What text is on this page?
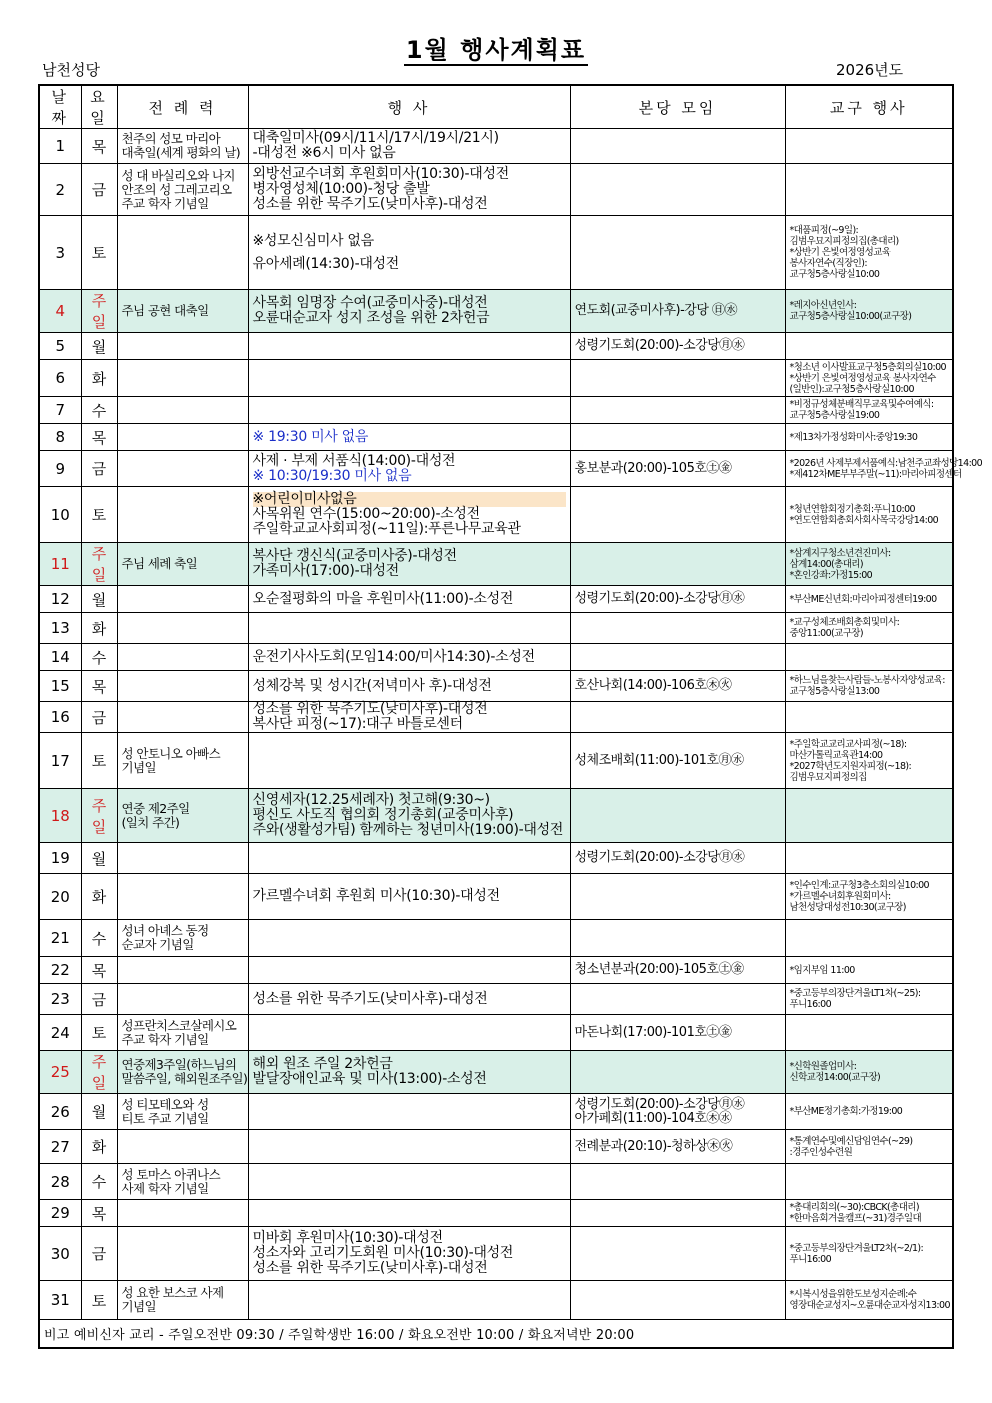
1월 행사계획표
남천성당	2026년도
날짜	요일	전 례 력	행 사	본당 모임	교구 행사
1	목	천주의 성모 마리아
대축일(세계 평화의 날)	대축일미사(09시/11시/17시/19시/21시)
-대성전 ※6시 미사 없음		

2	금	성 대 바실리오와 나지
안조의 성 그레고리오
주교 학자 기념일	외방선교수녀회 후원회미사(10:30)-대성전
병자영성체(10:00)-청당 출발
성소를 위한 묵주기도(낮미사후)-대성전		

3	토		※성모신심미사 없음
유아세례(14:30)-대성전		*대품피정(~9일):
김범우묘지피정의집(총대리)
*상반기 은빛여정영성교육
봉사자연수(직장인):
교구청5층사랑실10:00

4	주일	주님 공현 대축일	사목회 임명장 수여(교중미사중)-대성전
오륜대순교자 성지 조성을 위한 2차헌금	연도회(교중미사후)-강당 ㊐㊌	*레지아신년인사:
교구청5층사랑실10:00(교구장)

5	월			성령기도회(20:00)-소강당㊊㊌	

6	화				*청소년 이사발표교구청5층회의실10:00
*상반기 은빛여정영성교육 봉사자연수
(일반인):교구청5층사랑실10:00

7	수				*비정규성체분배직무교육및수여예식:
교구청5층사랑실19:00

8	목		※ 19:30 미사 없음		*제13차가정성화미사:중앙19:30

9	금		사제 · 부제 서품식(14:00)-대성전
※ 10:30/19:30 미사 없음	홍보분과(20:00)-105호㊏㊎	*2026년 사제부제서품예식:남천주교좌성당14:00
*제412차ME부부주말(~11):마리아피정센터

10	토		※어린이미사없음
사목위원 연수(15:00~20:00)-소성전
주일학교교사회피정(~11일):푸른나무교육관		*청년연합회정기총회:푸니10:00
*연도연합회총회사회사목국강당14:00

11	주일	주님 세례 축일	복사단 갱신식(교중미사중)-대성전
가족미사(17:00)-대성전		*삼계지구청소년견진미사:
삼계14:00(총대리)
*혼인강좌:가정15:00

12	월		오순절평화의 마을 후원미사(11:00)-소성전	성령기도회(20:00)-소강당㊊㊌	*부산ME신년회:마리아피정센터19:00

13	화				*교구성체조배회총회및미사:
중앙11:00(교구장)

14	수		운전기사사도회(모임14:00/미사14:30)-소성전		

15	목		성체강복 및 성시간(저녁미사 후)-대성전	호산나회(14:00)-106호㊍㊋	*하느님을찾는사람들-노봉사자양성교육:
교구청5층사랑실13:00

16	금		성소를 위한 묵주기도(낮미사후)-대성전
복사단 피정(~17):대구 바틀로센터		

17	토	성 안토니오 아빠스
기념일		성체조배회(11:00)-101호㊊㊌	*주일학교교리교사피정(~18):
마산가톨릭교육관14:00
*2027학년도지원자피정(~18):
김범우묘지피정의집

18	주일	연중 제2주일
(일치 주간)	신영세자(12.25세례자) 첫고해(9:30~)
평신도 사도직 협의회 정기총회(교중미사후)
주와(생활성가팀) 함께하는 청년미사(19:00)-대성전		

19	월			성령기도회(20:00)-소강당㊊㊌	

20	화		가르멜수녀회 후원회 미사(10:30)-대성전		*인수인계:교구청3층소회의실10:00
*가르멜수녀회후원회미사:
남천성당대성전10:30(교구장)

21	수	성녀 아녜스 동정
순교자 기념일			

22	목			청소년분과(20:00)-105호㊏㊎	*임지부임 11:00

23	금		성소를 위한 묵주기도(낮미사후)-대성전		*중고등부의장단겨울LT1차(~25):
푸니16:00

24	토	성프란치스코살레시오
주교 학자 기념일		마돈나회(17:00)-101호㊏㊎	

25	주일	연중제3주일(하느님의
말씀주일, 해외원조주일)	해외 원조 주일 2차헌금
발달장애인교육 및 미사(13:00)-소성전		*신학원졸업미사:
신학교정14:00(교구장)

26	월	성 티모테오와 성
티토 주교 기념일		성령기도회(20:00)-소강당㊊㊌
아가페회(11:00)-104호㊍㊌	*부산ME정기총회:가정19:00

27	화			전례분과(20:10)-청하상㊍㊋	*통계연수및예신담임연수(~29)
:경주인성수련원

28	수	성 토마스 아퀴나스
사제 학자 기념일			

29	목				*총대리회의(~30):CBCK(총대리)
*한마음회겨울캠프(~31)경주일대

30	금		미바회 후원미사(10:30)-대성전
성소자와 고리기도회원 미사(10:30)-대성전
성소를 위한 묵주기도(낮미사후)-대성전		*중고등부의장단겨울LT2차(~2/1):
푸니16:00

31	토	성 요한 보스코 사제
기념일			*시복시성을위한도보성지순례:수
영장대순교성지~오륜대순교자성지13:00

비고 예비신자 교리 - 주일오전반 09:30 / 주일학생반 16:00 / 화요오전반 10:00 / 화요저녁반 20:00					
